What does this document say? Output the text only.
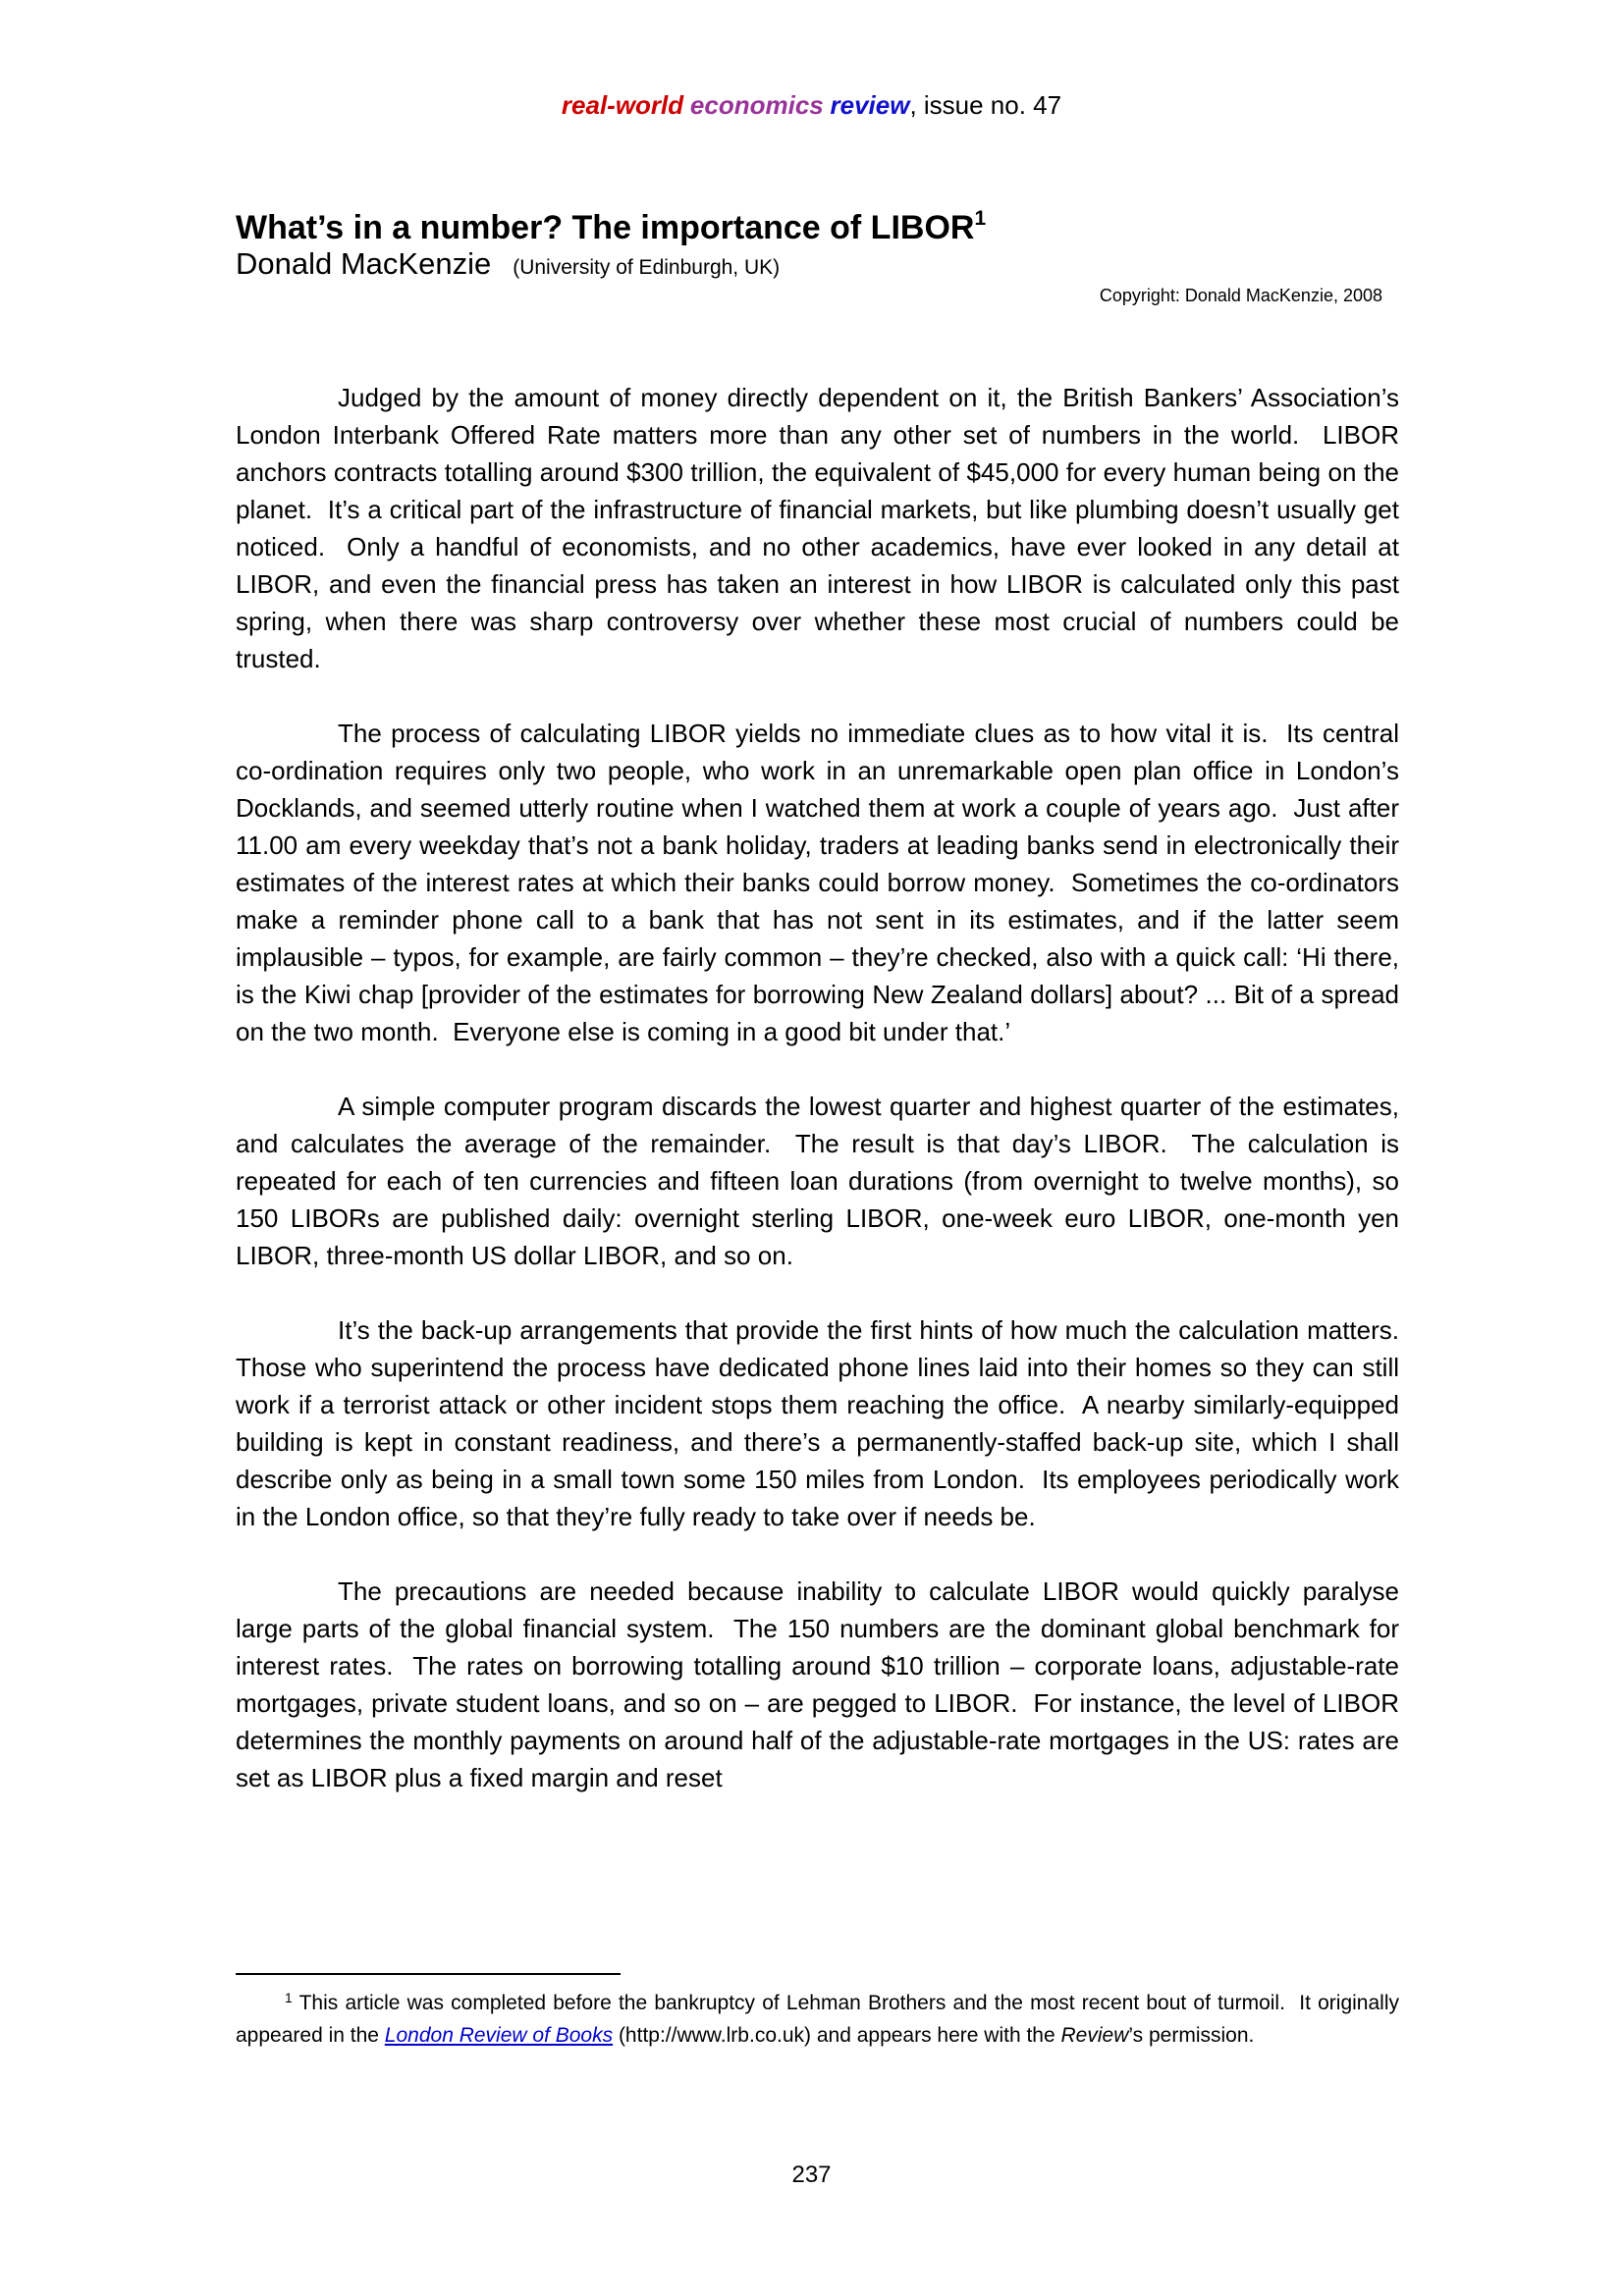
real-world economics review, issue no. 47
What’s in a number? The importance of LIBOR$^1$
Donald MacKenzie (University of Edinburgh, UK)
Copyright: Donald MacKenzie, 2008

Judged by the amount of money directly dependent on it, the British Bankers’ Association’s London Interbank Offered Rate matters more than any other set of numbers in the world.  LIBOR anchors contracts totalling around $300 trillion, the equivalent of $45,000 for every human being on the planet.  It’s a critical part of the infrastructure of financial markets, but like plumbing doesn’t usually get noticed.  Only a handful of economists, and no other academics, have ever looked in any detail at LIBOR, and even the financial press has taken an interest in how LIBOR is calculated only this past spring, when there was sharp controversy over whether these most crucial of numbers could be trusted.

The process of calculating LIBOR yields no immediate clues as to how vital it is.  Its central co-ordination requires only two people, who work in an unremarkable open plan office in London’s Docklands, and seemed utterly routine when I watched them at work a couple of years ago.  Just after 11.00 am every weekday that’s not a bank holiday, traders at leading banks send in electronically their estimates of the interest rates at which their banks could borrow money.  Sometimes the co-ordinators make a reminder phone call to a bank that has not sent in its estimates, and if the latter seem implausible – typos, for example, are fairly common – they’re checked, also with a quick call: ‘Hi there, is the Kiwi chap [provider of the estimates for borrowing New Zealand dollars] about? ... Bit of a spread on the two month.  Everyone else is coming in a good bit under that.’

A simple computer program discards the lowest quarter and highest quarter of the estimates, and calculates the average of the remainder.  The result is that day’s LIBOR.  The calculation is repeated for each of ten currencies and fifteen loan durations (from overnight to twelve months), so 150 LIBORs are published daily: overnight sterling LIBOR, one-week euro LIBOR, one-month yen LIBOR, three-month US dollar LIBOR, and so on.

It’s the back-up arrangements that provide the first hints of how much the calculation matters.   Those who superintend the process have dedicated phone lines laid into their homes so they can still work if a terrorist attack or other incident stops them reaching the office.  A nearby similarly-equipped building is kept in constant readiness, and there’s a permanently-staffed back-up site, which I shall describe only as being in a small town some 150 miles from London.  Its employees periodically work in the London office, so that they’re fully ready to take over if needs be.

The precautions are needed because inability to calculate LIBOR would quickly paralyse large parts of the global financial system.  The 150 numbers are the dominant global benchmark for interest rates.  The rates on borrowing totalling around $10 trillion – corporate loans, adjustable-rate mortgages, private student loans, and so on – are pegged to LIBOR.  For instance, the level of LIBOR determines the monthly payments on around half of the adjustable-rate mortgages in the US: rates are set as LIBOR plus a fixed margin and reset

$^1$ This article was completed before the bankruptcy of Lehman Brothers and the most recent bout of turmoil.  It originally appeared in the London Review of Books (http://www.lrb.co.uk) and appears here with the Review’s permission.

237
